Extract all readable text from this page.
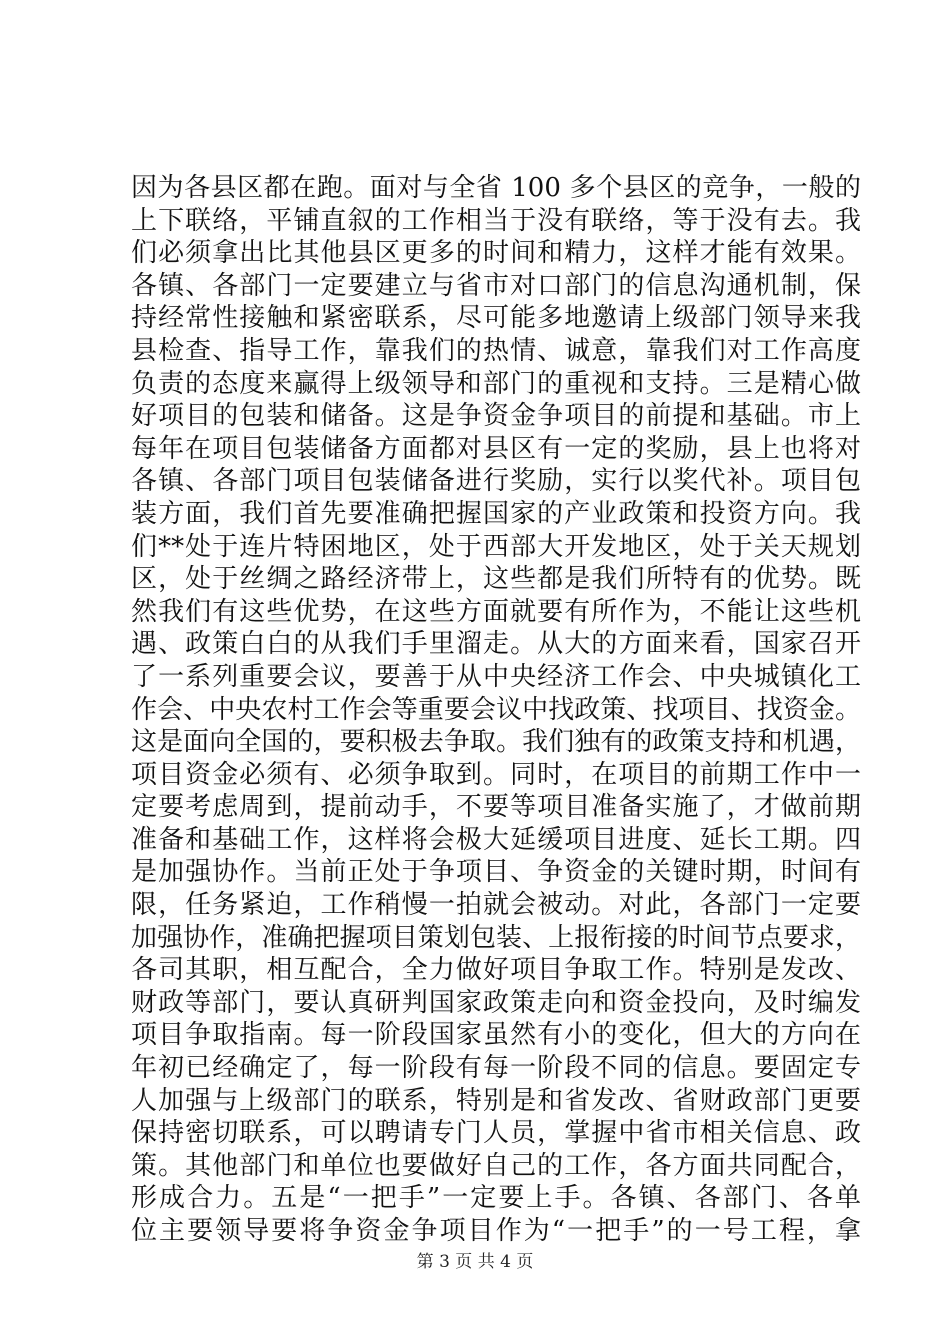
因为各县区都在跑。面对与全省 100 多个县区的竞争，一般的
上下联络，平铺直叙的工作相当于没有联络，等于没有去。我
们必须拿出比其他县区更多的时间和精力，这样才能有效果。
各镇、各部门一定要建立与省市对口部门的信息沟通机制，保
持经常性接触和紧密联系，尽可能多地邀请上级部门领导来我
县检查、指导工作，靠我们的热情、诚意，靠我们对工作高度
负责的态度来赢得上级领导和部门的重视和支持。三是精心做
好项目的包装和储备。这是争资金争项目的前提和基础。市上
每年在项目包装储备方面都对县区有一定的奖励，县上也将对
各镇、各部门项目包装储备进行奖励，实行以奖代补。项目包
装方面，我们首先要准确把握国家的产业政策和投资方向。我
们**处于连片特困地区，处于西部大开发地区，处于关天规划
区，处于丝绸之路经济带上，这些都是我们所特有的优势。既
然我们有这些优势，在这些方面就要有所作为，不能让这些机
遇、政策白白的从我们手里溜走。从大的方面来看，国家召开
了一系列重要会议，要善于从中央经济工作会、中央城镇化工
作会、中央农村工作会等重要会议中找政策、找项目、找资金。
这是面向全国的，要积极去争取。我们独有的政策支持和机遇，
项目资金必须有、必须争取到。同时，在项目的前期工作中一
定要考虑周到，提前动手，不要等项目准备实施了，才做前期
准备和基础工作，这样将会极大延缓项目进度、延长工期。四
是加强协作。当前正处于争项目、争资金的关键时期，时间有
限，任务紧迫，工作稍慢一拍就会被动。对此，各部门一定要
加强协作，准确把握项目策划包装、上报衔接的时间节点要求，
各司其职，相互配合，全力做好项目争取工作。特别是发改、
财政等部门，要认真研判国家政策走向和资金投向，及时编发
项目争取指南。每一阶段国家虽然有小的变化，但大的方向在
年初已经确定了，每一阶段有每一阶段不同的信息。要固定专
人加强与上级部门的联系，特别是和省发改、省财政部门更要
保持密切联系，可以聘请专门人员，掌握中省市相关信息、政
策。其他部门和单位也要做好自己的工作，各方面共同配合，
形成合力。五是“一把手”一定要上手。各镇、各部门、各单
位主要领导要将争资金争项目作为“一把手”的一号工程，拿
第 3 页 共 4 页
